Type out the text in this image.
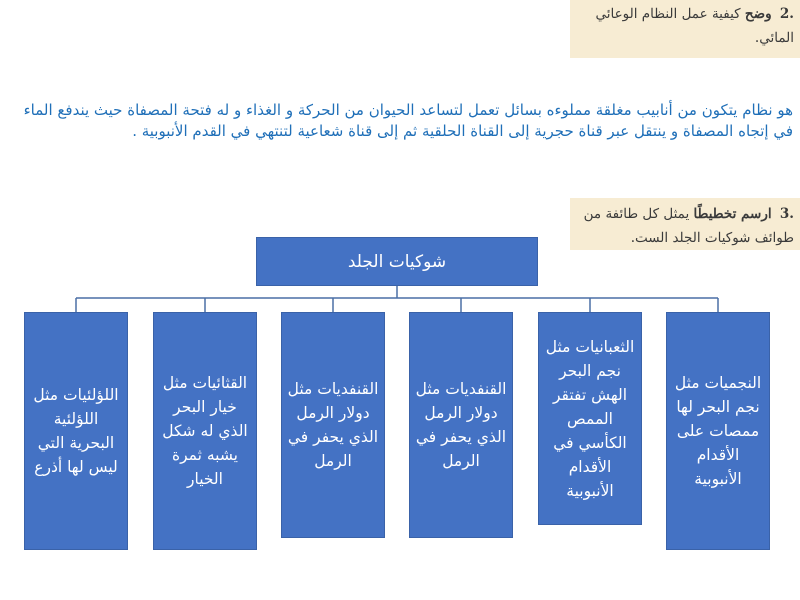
.2 وضح كيفية عمل النظام الوعائي المائي.
هو نظام يتكون من أنابيب مغلقة مملوءه بسائل تعمل لتساعد الحيوان من الحركة و الغذاء و له فتحة المصفاة حيث يندفع الماء في إتجاه المصفاة و ينتقل عبر قناة حجرية إلى القناة الحلقية ثم إلى قناة شعاعية لتنتهي في القدم الأنبوبية .
.3 ارسم تخطيطًا يمثل كل طائفة من طوائف شوكيات الجلد الست.
شوكيات الجلد
النجميات مثل نجم البحر لها ممصات على الأقدام الأنبوبية
الثعبانيات مثل نجم البحر الهش تفتقر الممص الكأسي في الأقدام الأنبوبية
القنفديات مثل دولار الرمل الذي يحفر في الرمل
القنفديات مثل دولار الرمل الذي يحفر في الرمل
القثائيات مثل خيار البحر الذي له شكل يشبه ثمرة الخيار
اللؤلئيات مثل اللؤلئية البحرية التي ليس لها أذرع
